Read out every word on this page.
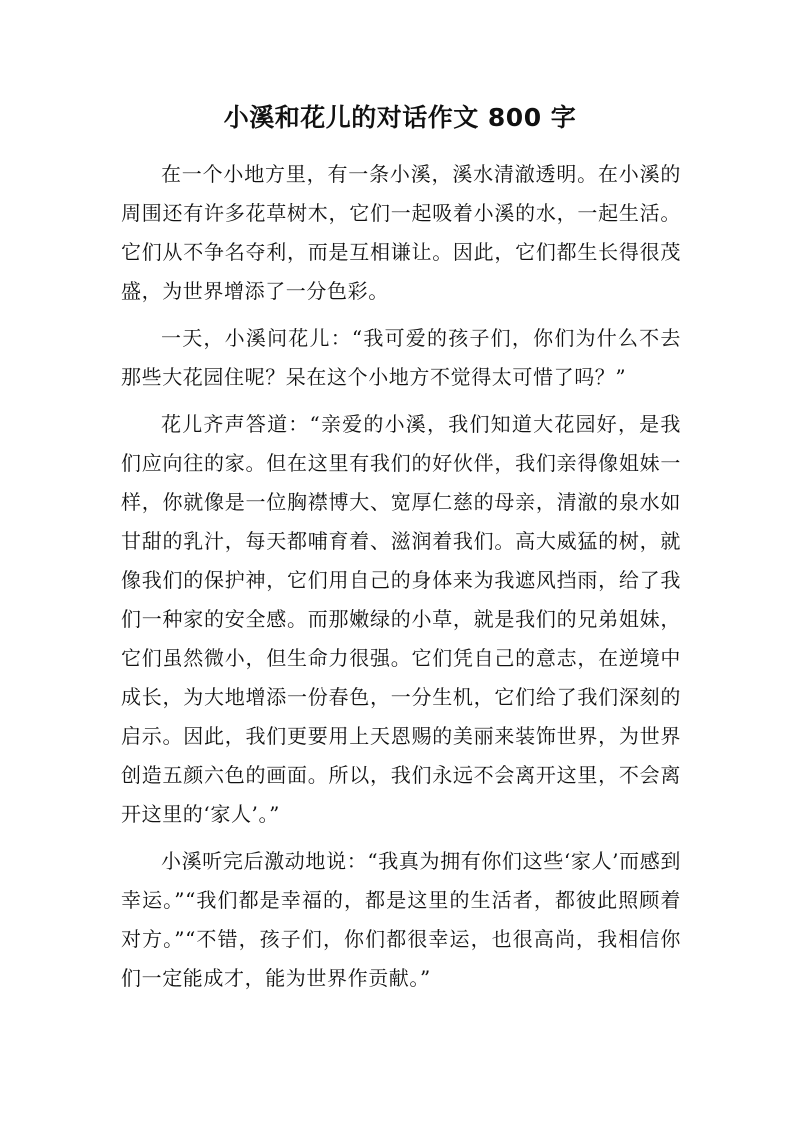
小溪和花儿的对话作文 800 字

在一个小地方里，有一条小溪，溪水清澈透明。在小溪的周围还有许多花草树木，它们一起吸着小溪的水，一起生活。它们从不争名夺利，而是互相谦让。因此，它们都生长得很茂盛，为世界增添了一分色彩。

一天，小溪问花儿：“我可爱的孩子们，你们为什么不去那些大花园住呢？呆在这个小地方不觉得太可惜了吗？”

花儿齐声答道：“亲爱的小溪，我们知道大花园好，是我们应向往的家。但在这里有我们的好伙伴，我们亲得像姐妹一样，你就像是一位胸襟博大、宽厚仁慈的母亲，清澈的泉水如甘甜的乳汁，每天都哺育着、滋润着我们。高大威猛的树，就像我们的保护神，它们用自己的身体来为我遮风挡雨，给了我们一种家的安全感。而那嫩绿的小草，就是我们的兄弟姐妹，它们虽然微小，但生命力很强。它们凭自己的意志，在逆境中成长，为大地增添一份春色，一分生机，它们给了我们深刻的启示。因此，我们更要用上天恩赐的美丽来装饰世界，为世界创造五颜六色的画面。所以，我们永远不会离开这里，不会离开这里的‘家人’。”

小溪听完后激动地说：“我真为拥有你们这些‘家人’而感到幸运。”“我们都是幸福的，都是这里的生活者，都彼此照顾着对方。”“不错，孩子们，你们都很幸运，也很高尚，我相信你们一定能成才，能为世界作贡献。”
